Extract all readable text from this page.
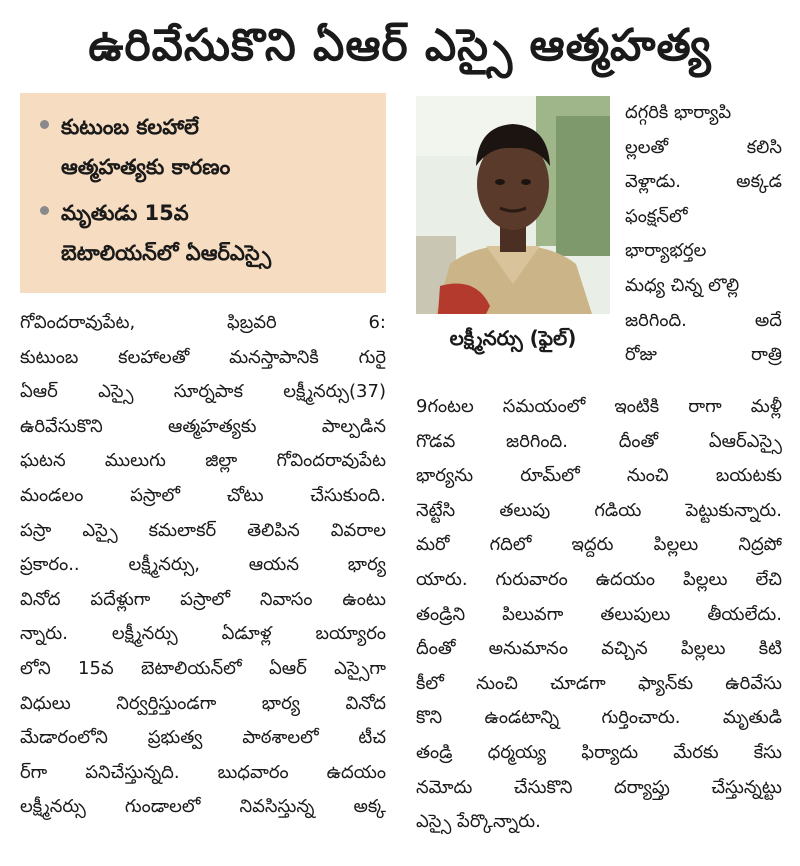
ఉరివేసుకొని ఏఆర్ ఎస్సై ఆత్మహత్య
కుటుంబ కలహాలే
ఆత్మహత్యకు కారణం
మృతుడు 15వ
బెటాలియన్‌లో ఏఆర్ఎస్సై
గోవిందరావుపేట, ఫిబ్రవరి 6:
కుటుంబ కలహాలతో మనస్తాపానికి గురై
ఏఆర్ ఎస్సై సూర్నపాక లక్ష్మీనర్సు(37)
ఉరివేసుకొని ఆత్మహత్యకు పాల్పడిన
ఘటన ములుగు జిల్లా గోవిందరావుపేట
మండలం పస్రాలో చోటు చేసుకుంది.
పస్రా ఎస్సై కమలాకర్ తెలిపిన వివరాల
ప్రకారం.. లక్ష్మీనర్సు, ఆయన భార్య
వినోద పదేళ్లుగా పస్రాలో నివాసం ఉంటు
న్నారు. లక్ష్మీనర్సు ఏడూళ్ల బయ్యారం
లోని 15వ బెటాలియన్‌లో ఏఆర్ ఎస్సైగా
విధులు నిర్వర్తిస్తుండగా భార్య వినోద
మేడారంలోని ప్రభుత్వ పాఠశాలలో టీచ
ర్‌గా పనిచేస్తున్నది. బుధవారం ఉదయం
లక్ష్మీనర్సు గుండాలలో నివసిస్తున్న అక్క
లక్ష్మీనర్సు (ఫైల్)
దగ్గరికి భార్యాపి
ల్లలతో కలిసి
వెళ్లాడు. అక్కడ
ఫంక్షన్‌లో
భార్యాభర్తల
మధ్య చిన్న లొల్లి
జరిగింది. అదే
రోజు రాత్రి
9గంటల సమయంలో ఇంటికి రాగా మళ్లీ
గొడవ జరిగింది. దీంతో ఏఆర్ఎస్సై
భార్యను రూమ్‌లో నుంచి బయటకు
నెట్టేసి తలుపు గడియ పెట్టుకున్నారు.
మరో గదిలో ఇద్దరు పిల్లలు నిద్రపో
యారు. గురువారం ఉదయం పిల్లలు లేచి
తండ్రిని పిలువగా తలుపులు తీయలేదు.
దీంతో అనుమానం వచ్చిన పిల్లలు కిటి
కీలో నుంచి చూడగా ఫ్యాన్‌కు ఉరివేసు
కొని ఉండటాన్ని గుర్తించారు. మృతుడి
తండ్రి ధర్మయ్య ఫిర్యాదు మేరకు కేసు
నమోదు చేసుకొని దర్యాప్తు చేస్తున్నట్టు
ఎస్సై పేర్కొన్నారు.
